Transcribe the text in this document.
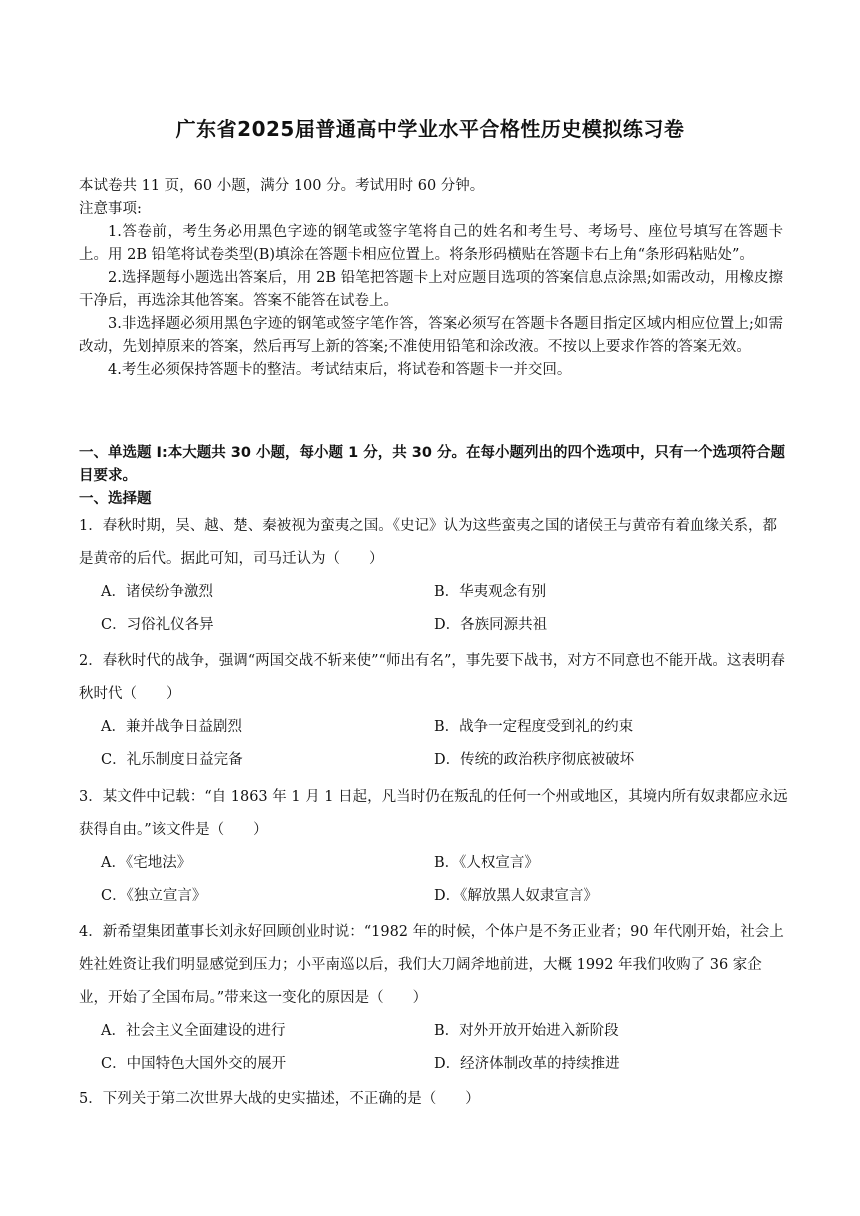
广东省2025届普通高中学业水平合格性历史模拟练习卷

本试卷共 11 页，60 小题，满分 100 分。考试用时 60 分钟。

注意事项:

1.答卷前，考生务必用黑色字迹的钢笔或签字笔将自己的姓名和考生号、考场号、座位号填写在答题卡上。用 2B 铅笔将试卷类型(B)填涂在答题卡相应位置上。将条形码横贴在答题卡右上角“条形码粘贴处”。

2.选择题每小题选出答案后，用 2B 铅笔把答题卡上对应题目选项的答案信息点涂黑;如需改动，用橡皮擦干净后，再选涂其他答案。答案不能答在试卷上。

3.非选择题必须用黑色字迹的钢笔或签字笔作答，答案必须写在答题卡各题目指定区域内相应位置上;如需改动，先划掉原来的答案，然后再写上新的答案;不准使用铅笔和涂改液。不按以上要求作答的答案无效。

4.考生必须保持答题卡的整洁。考试结束后，将试卷和答题卡一并交回。

一、单选题 I:本大题共 30 小题，每小题 1 分，共 30 分。在每小题列出的四个选项中，只有一个选项符合题目要求。
一、选择题

1．春秋时期，吴、越、楚、秦被视为蛮夷之国。《史记》认为这些蛮夷之国的诸侯王与黄帝有着血缘关系，都是黄帝的后代。据此可知，司马迁认为（　　）

A．诸侯纷争激烈	B．华夷观念有别
C．习俗礼仪各异	D．各族同源共祖

2．春秋时代的战争，强调“两国交战不斩来使”“师出有名”，事先要下战书，对方不同意也不能开战。这表明春秋时代（　　）

A．兼并战争日益剧烈	B．战争一定程度受到礼的约束
C．礼乐制度日益完备	D．传统的政治秩序彻底被破坏

3．某文件中记载：“自 1863 年 1 月 1 日起，凡当时仍在叛乱的任何一个州或地区，其境内所有奴隶都应永远获得自由。”该文件是（　　）

A．《宅地法》	B．《人权宣言》
C．《独立宣言》	D．《解放黑人奴隶宣言》

4．新希望集团董事长刘永好回顾创业时说：“1982 年的时候，个体户是不务正业者；90 年代刚开始，社会上姓社姓资让我们明显感觉到压力；小平南巡以后，我们大刀阔斧地前进，大概 1992 年我们收购了 36 家企业，开始了全国布局。”带来这一变化的原因是（　　）

A．社会主义全面建设的进行	B．对外开放开始进入新阶段
C．中国特色大国外交的展开	D．经济体制改革的持续推进

5．下列关于第二次世界大战的史实描述，不正确的是（　　）
